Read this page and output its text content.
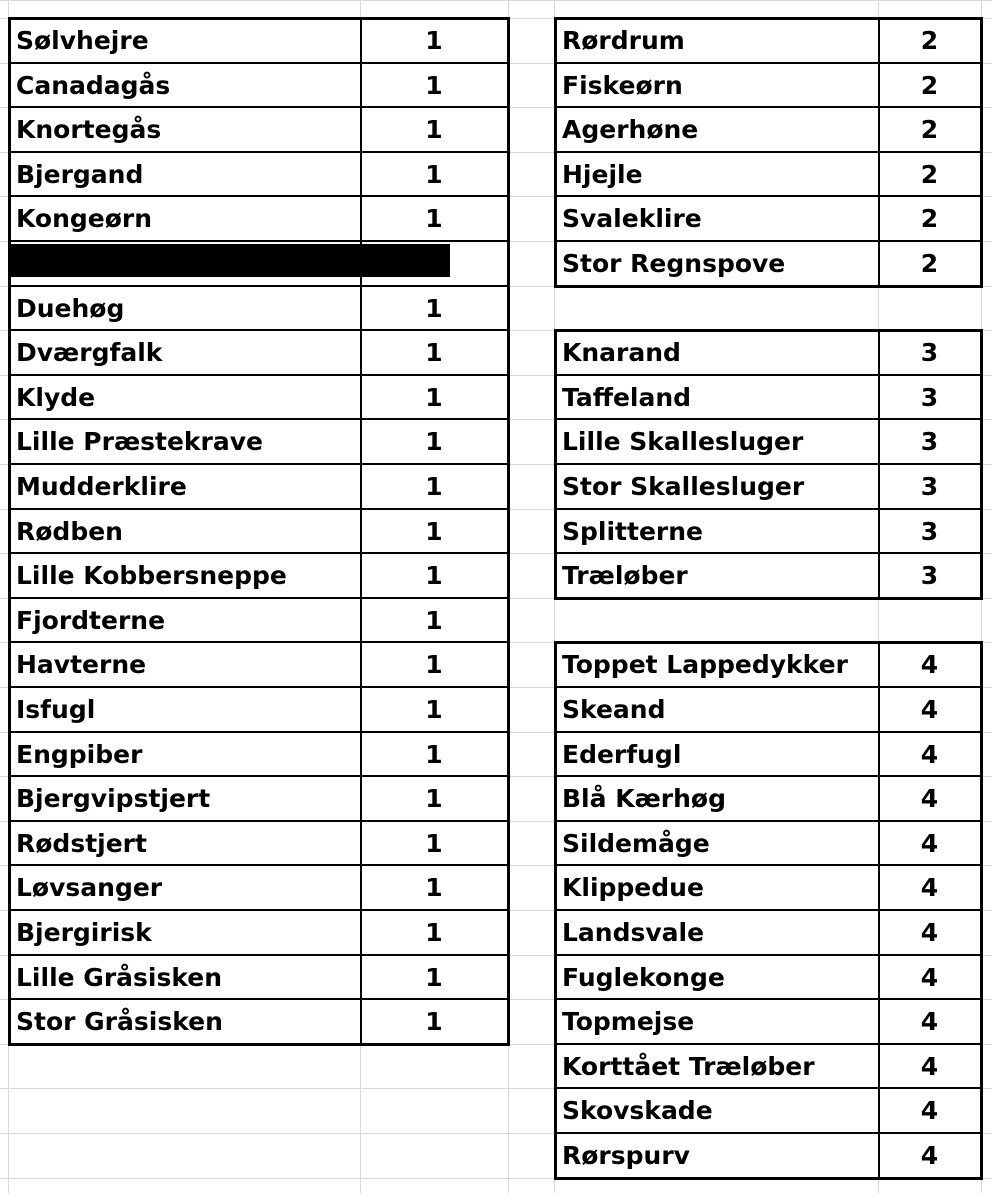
Sølvhejre	1
Canadagås	1
Knortegås	1
Bjergand	1
Kongeørn	1
Duehøg	1
Dværgfalk	1
Klyde	1
Lille Præstekrave	1
Mudderklire	1
Rødben	1
Lille Kobbersneppe	1
Fjordterne	1
Havterne	1
Isfugl	1
Engpiber	1
Bjergvipstjert	1
Rødstjert	1
Løvsanger	1
Bjergirisk	1
Lille Gråsisken	1
Stor Gråsisken	1
Rørdrum	2
Fiskeørn	2
Agerhøne	2
Hjejle	2
Svaleklire	2
Stor Regnspove	2
Knarand	3
Taffeland	3
Lille Skallesluger	3
Stor Skallesluger	3
Splitterne	3
Træløber	3
Toppet Lappedykker	4
Skeand	4
Ederfugl	4
Blå Kærhøg	4
Sildemåge	4
Klippedue	4
Landsvale	4
Fuglekonge	4
Topmejse	4
Korttået Træløber	4
Skovskade	4
Rørspurv	4
